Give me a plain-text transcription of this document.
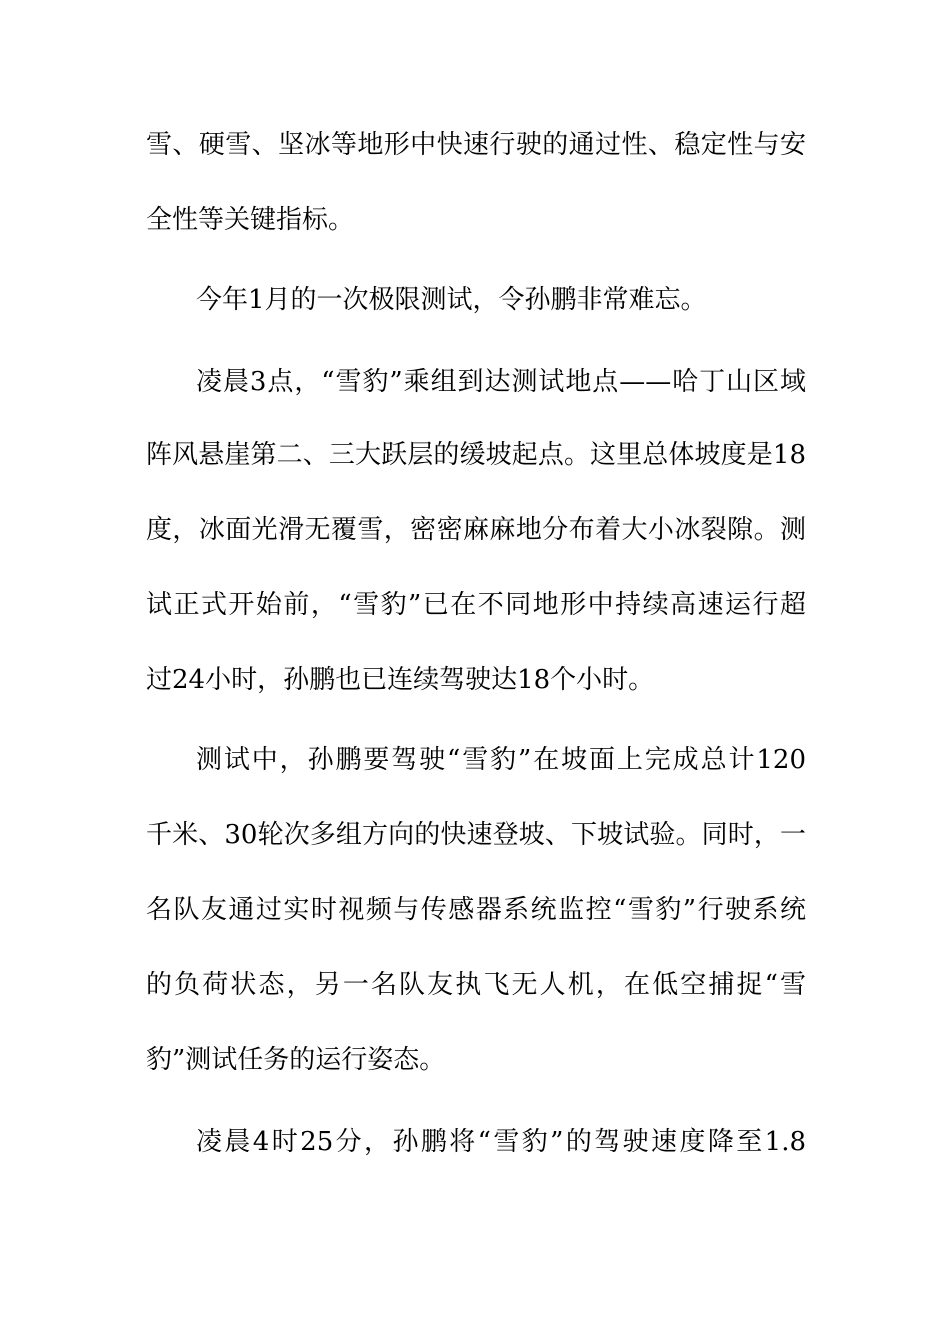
雪、硬雪、坚冰等地形中快速行驶的通过性、稳定性与安
全性等关键指标。
今年1月的一次极限测试，令孙鹏非常难忘。
凌晨3点，“雪豹”乘组到达测试地点——哈丁山区域
阵风悬崖第二、三大跃层的缓坡起点。这里总体坡度是18
度，冰面光滑无覆雪，密密麻麻地分布着大小冰裂隙。测
试正式开始前，“雪豹”已在不同地形中持续高速运行超
过24小时，孙鹏也已连续驾驶达18个小时。
测试中，孙鹏要驾驶“雪豹”在坡面上完成总计120
千米、30轮次多组方向的快速登坡、下坡试验。同时，一
名队友通过实时视频与传感器系统监控“雪豹”行驶系统
的负荷状态，另一名队友执飞无人机，在低空捕捉“雪
豹”测试任务的运行姿态。
凌晨4时25分，孙鹏将“雪豹”的驾驶速度降至1.8
